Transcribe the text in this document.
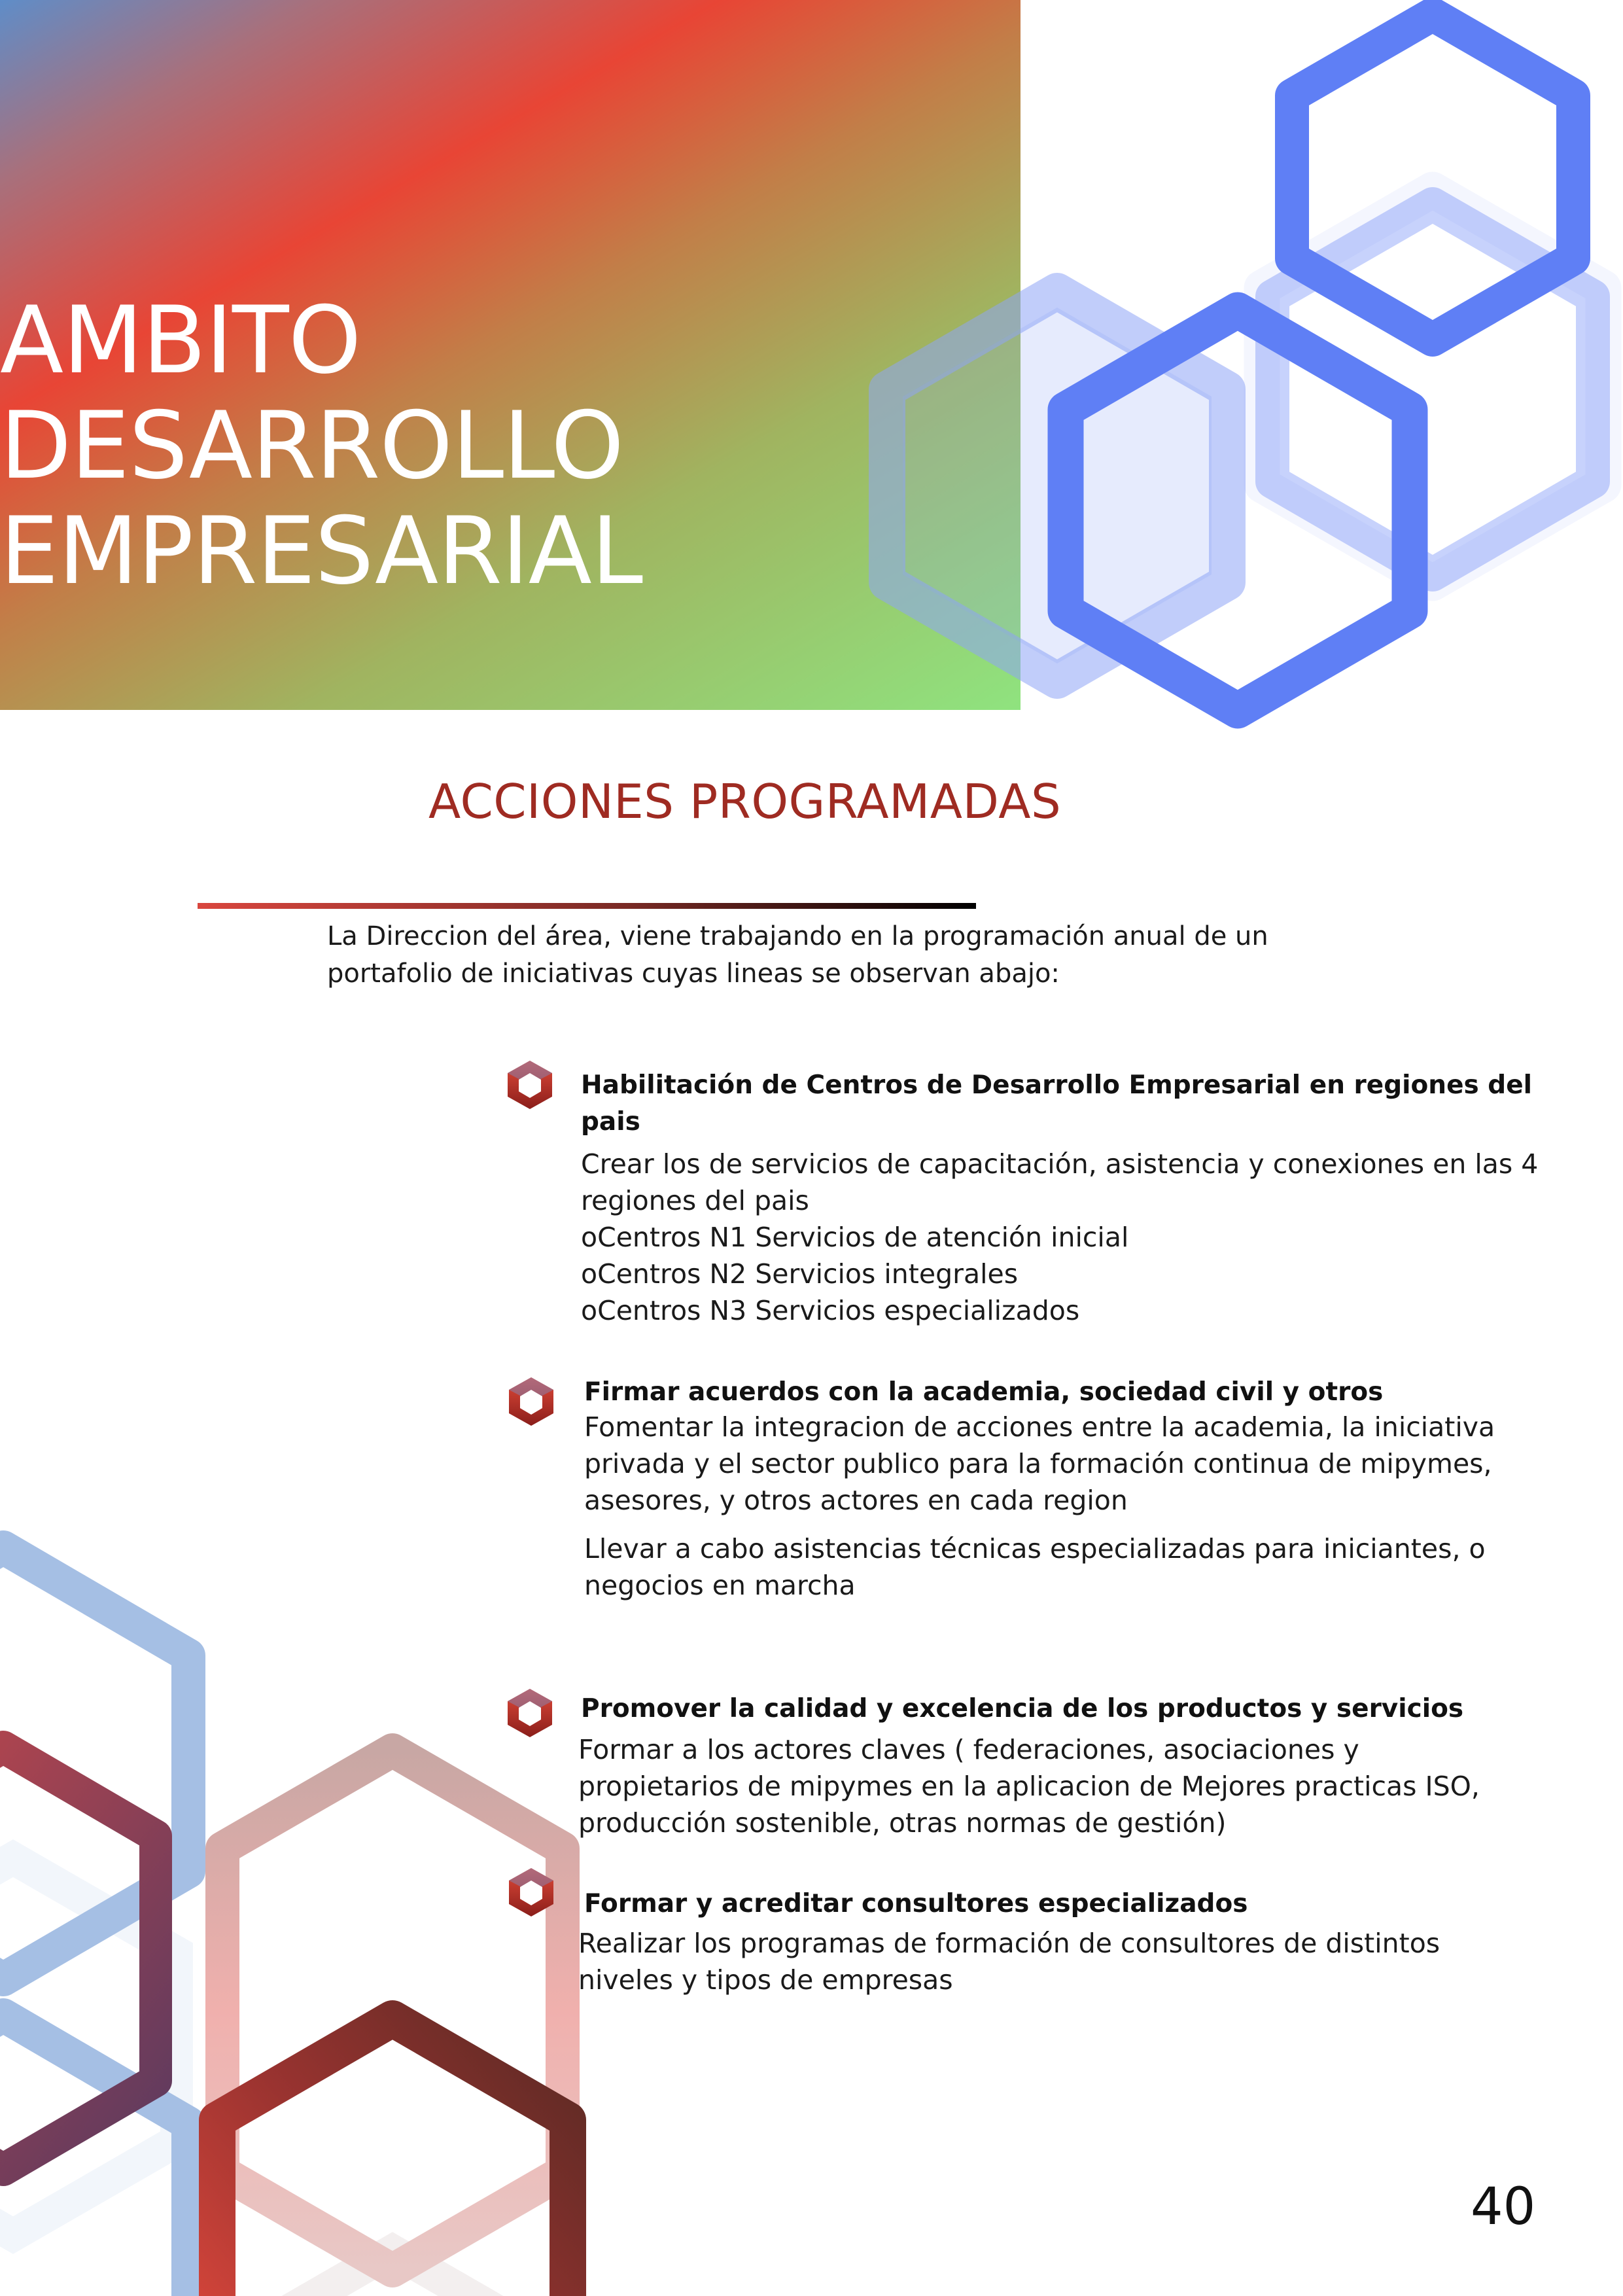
AMBITO
DESARROLLO
EMPRESARIAL
ACCIONES PROGRAMADAS

La Direccion del área, viene trabajando en la programación anual de un
portafolio de iniciativas cuyas lineas se observan abajo:

Habilitación de Centros de Desarrollo Empresarial en regiones del
pais

Crear los de servicios de capacitación, asistencia y conexiones en las 4
regiones del pais
oCentros N1 Servicios de atención inicial
oCentros N2 Servicios integrales
oCentros N3 Servicios especializados

Firmar acuerdos con la academia, sociedad civil y otros

Fomentar la integracion de acciones entre la academia, la iniciativa
privada y el sector publico para la formación continua de mipymes,
asesores, y otros actores en cada region

Llevar a cabo asistencias técnicas especializadas para iniciantes, o
negocios en marcha

Promover la calidad y excelencia de los productos y servicios

Formar a los actores claves ( federaciones, asociaciones y
propietarios de mipymes en la aplicacion de Mejores practicas ISO,
producción sostenible, otras normas de gestión)

Formar y acreditar consultores especializados

Realizar los programas de formación de consultores de distintos
niveles y tipos de empresas

40
